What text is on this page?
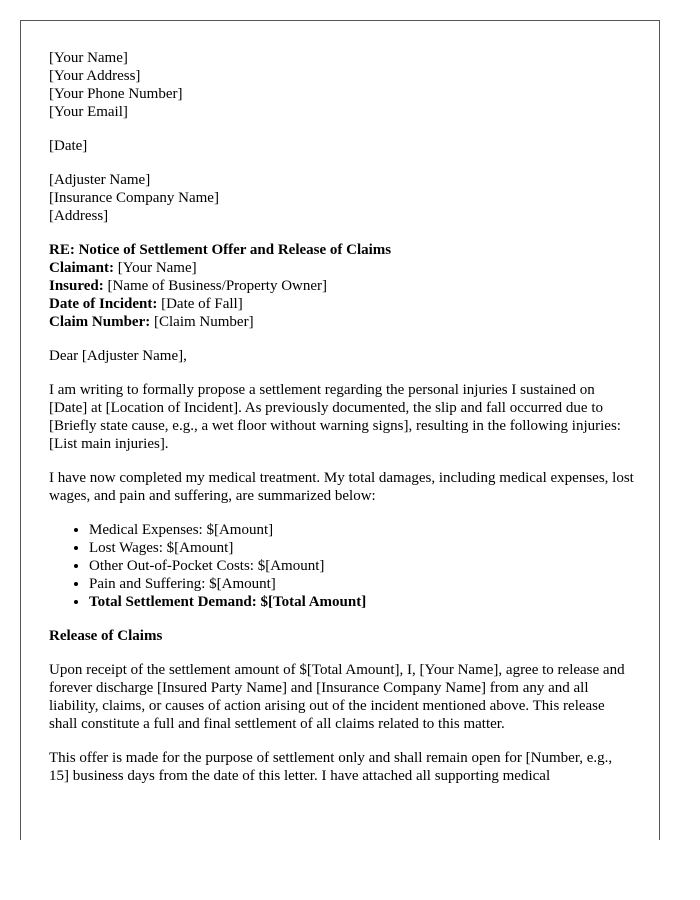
[Your Name]
[Your Address]
[Your Phone Number]
[Your Email]
[Date]
[Adjuster Name]
[Insurance Company Name]
[Address]
RE: Notice of Settlement Offer and Release of Claims
Claimant: [Your Name]
Insured: [Name of Business/Property Owner]
Date of Incident: [Date of Fall]
Claim Number: [Claim Number]

Dear [Adjuster Name],

I am writing to formally propose a settlement regarding the personal injuries I sustained on [Date] at [Location of Incident]. As previously documented, the slip and fall occurred due to [Briefly state cause, e.g., a wet floor without warning signs], resulting in the following injuries: [List main injuries].

I have now completed my medical treatment. My total damages, including medical expenses, lost wages, and pain and suffering, are summarized below:

• Medical Expenses: $[Amount]
• Lost Wages: $[Amount]
• Other Out-of-Pocket Costs: $[Amount]
• Pain and Suffering: $[Amount]
• Total Settlement Demand: $[Total Amount]
Release of Claims

Upon receipt of the settlement amount of $[Total Amount], I, [Your Name], agree to release and forever discharge [Insured Party Name] and [Insurance Company Name] from any and all liability, claims, or causes of action arising out of the incident mentioned above. This release shall constitute a full and final settlement of all claims related to this matter.

This offer is made for the purpose of settlement only and shall remain open for [Number, e.g., 15] business days from the date of this letter. I have attached all supporting medical
